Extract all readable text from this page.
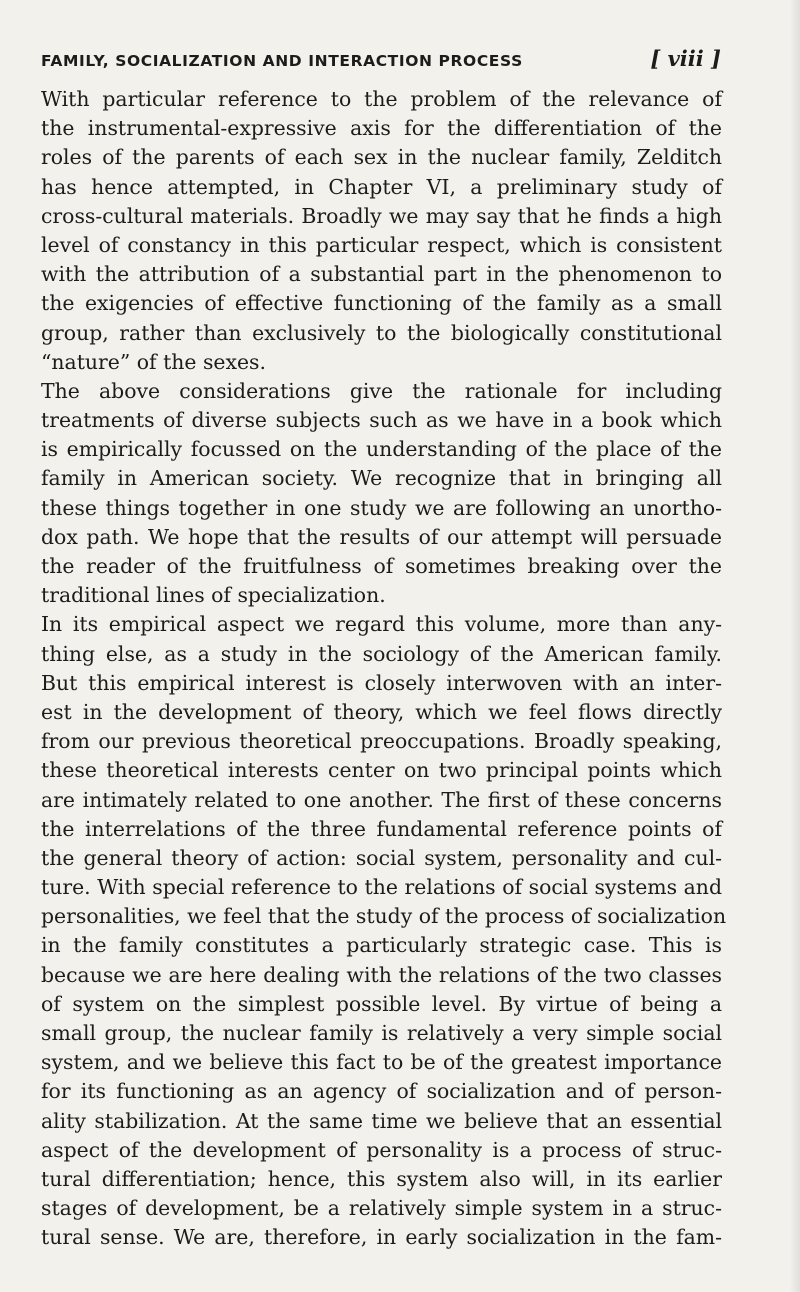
FAMILY, SOCIALIZATION AND INTERACTION PROCESS	[ viii ]
With particular reference to the problem of the relevance of
the instrumental-expressive axis for the differentiation of the
roles of the parents of each sex in the nuclear family, Zelditch
has hence attempted, in Chapter VI, a preliminary study of
cross-cultural materials. Broadly we may say that he finds a high
level of constancy in this particular respect, which is consistent
with the attribution of a substantial part in the phenomenon to
the exigencies of effective functioning of the family as a small
group, rather than exclusively to the biologically constitutional
“nature” of the sexes.
The above considerations give the rationale for including
treatments of diverse subjects such as we have in a book which
is empirically focussed on the understanding of the place of the
family in American society. We recognize that in bringing all
these things together in one study we are following an unortho-
dox path. We hope that the results of our attempt will persuade
the reader of the fruitfulness of sometimes breaking over the
traditional lines of specialization.
In its empirical aspect we regard this volume, more than any-
thing else, as a study in the sociology of the American family.
But this empirical interest is closely interwoven with an inter-
est in the development of theory, which we feel flows directly
from our previous theoretical preoccupations. Broadly speaking,
these theoretical interests center on two principal points which
are intimately related to one another. The first of these concerns
the interrelations of the three fundamental reference points of
the general theory of action: social system, personality and cul-
ture. With special reference to the relations of social systems and
personalities, we feel that the study of the process of socialization
in the family constitutes a particularly strategic case. This is
because we are here dealing with the relations of the two classes
of system on the simplest possible level. By virtue of being a
small group, the nuclear family is relatively a very simple social
system, and we believe this fact to be of the greatest importance
for its functioning as an agency of socialization and of person-
ality stabilization. At the same time we believe that an essential
aspect of the development of personality is a process of struc-
tural differentiation; hence, this system also will, in its earlier
stages of development, be a relatively simple system in a struc-
tural sense. We are, therefore, in early socialization in the fam-
